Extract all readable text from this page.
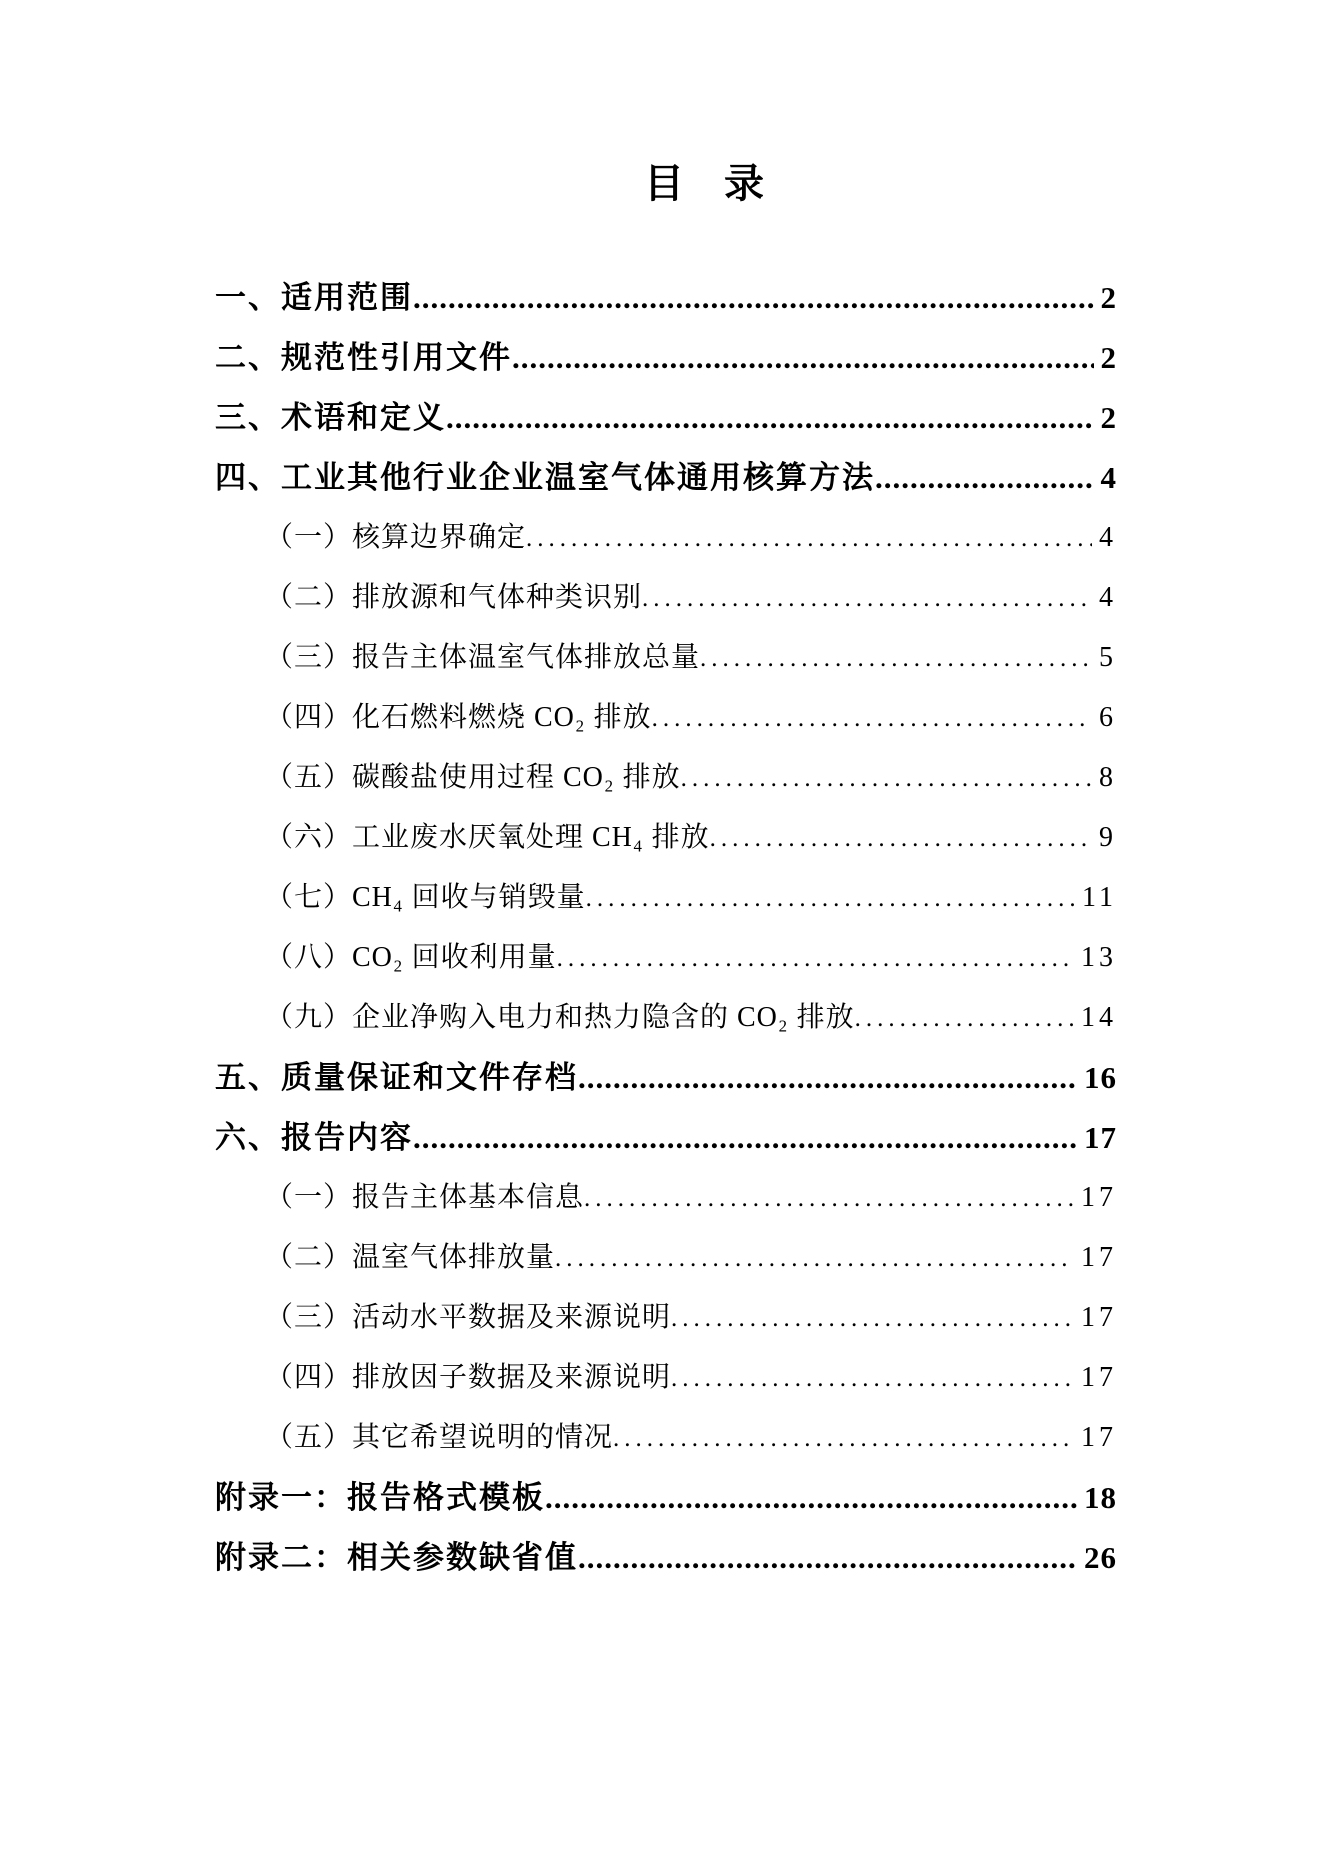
目　录
一、适用范围 .....	2
二、规范性引用文件 .....	2
三、术语和定义 .....	2
四、工业其他行业企业温室气体通用核算方法 .....	4
（一）核算边界确定 .....	4
（二）排放源和气体种类识别 .....	4
（三）报告主体温室气体排放总量 .....	5
（四）化石燃料燃烧 CO₂ 排放 .....	6
（五）碳酸盐使用过程 CO₂ 排放 .....	8
（六）工业废水厌氧处理 CH₄ 排放 .....	9
（七）CH₄ 回收与销毁量 .....	11
（八）CO₂ 回收利用量 .....	13
（九）企业净购入电力和热力隐含的 CO₂ 排放 .....	14
五、质量保证和文件存档 .....	16
六、报告内容 .....	17
（一）报告主体基本信息 .....	17
（二）温室气体排放量 .....	17
（三）活动水平数据及来源说明 .....	17
（四）排放因子数据及来源说明 .....	17
（五）其它希望说明的情况 .....	17
附录一：报告格式模板 .....	18
附录二：相关参数缺省值 .....	26
